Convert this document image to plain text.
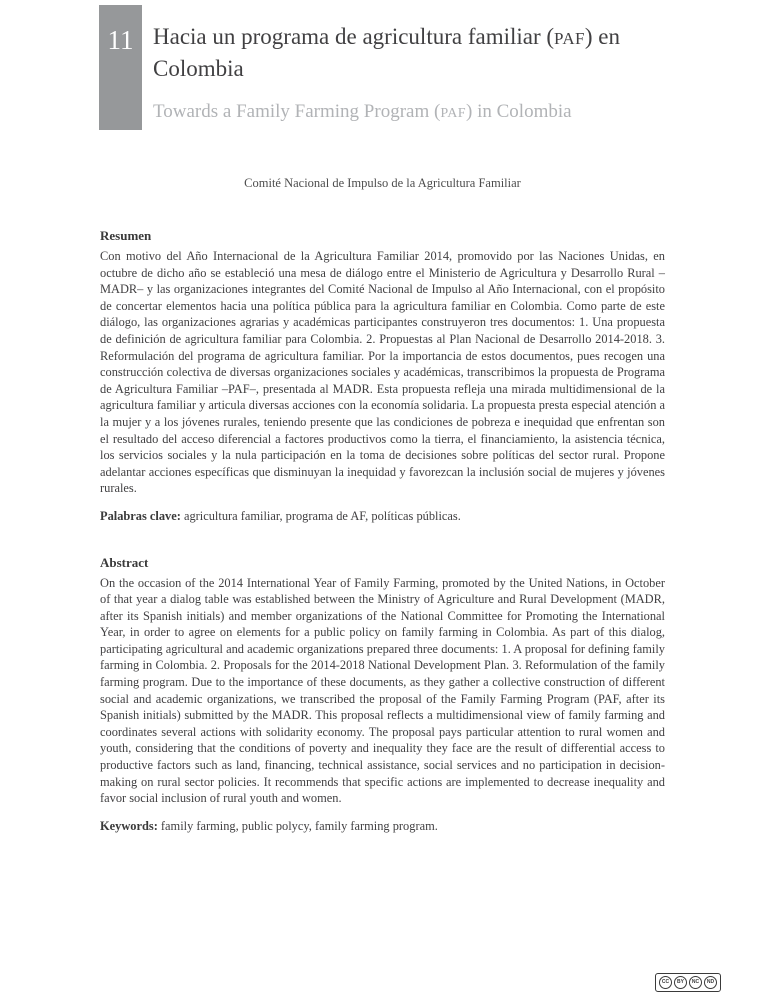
11 Hacia un programa de agricultura familiar (PAF) en Colombia
Towards a Family Farming Program (PAF) in Colombia

Comité Nacional de Impulso de la Agricultura Familiar

Resumen

Con motivo del Año Internacional de la Agricultura Familiar 2014, promovido por las Naciones Unidas, en octubre de dicho año se estableció una mesa de diálogo entre el Ministerio de Agricultura y Desarrollo Rural –MADR– y las organizaciones integrantes del Comité Nacional de Impulso al Año Internacional, con el propósito de concertar elementos hacia una política pública para la agricultura familiar en Colombia. Como parte de este diálogo, las organizaciones agrarias y académicas participantes construyeron tres documentos: 1. Una propuesta de definición de agricultura familiar para Colombia. 2. Propuestas al Plan Nacional de Desarrollo 2014-2018. 3. Reformulación del programa de agricultura familiar. Por la importancia de estos documentos, pues recogen una construcción colectiva de diversas organizaciones sociales y académicas, transcribimos la propuesta de Programa de Agricultura Familiar –PAF–, presentada al MADR. Esta propuesta refleja una mirada multidimensional de la agricultura familiar y articula diversas acciones con la economía solidaria. La propuesta presta especial atención a la mujer y a los jóvenes rurales, teniendo presente que las condiciones de pobreza e inequidad que enfrentan son el resultado del acceso diferencial a factores productivos como la tierra, el financiamiento, la asistencia técnica, los servicios sociales y la nula participación en la toma de decisiones sobre políticas del sector rural. Propone adelantar acciones específicas que disminuyan la inequidad y favorezcan la inclusión social de mujeres y jóvenes rurales.

Palabras clave: agricultura familiar, programa de AF, políticas públicas.

Abstract

On the occasion of the 2014 International Year of Family Farming, promoted by the United Nations, in October of that year a dialog table was established between the Ministry of Agriculture and Rural Development (MADR, after its Spanish initials) and member organizations of the National Committee for Promoting the International Year, in order to agree on elements for a public policy on family farming in Colombia. As part of this dialog, participating agricultural and academic organizations prepared three documents: 1. A proposal for defining family farming in Colombia. 2. Proposals for the 2014-2018 National Development Plan. 3. Reformulation of the family farming program. Due to the importance of these documents, as they gather a collective construction of different social and academic organizations, we transcribed the proposal of the Family Farming Program (PAF, after its Spanish initials) submitted by the MADR. This proposal reflects a multidimensional view of family farming and coordinates several actions with solidarity economy. The proposal pays particular attention to rural women and youth, considering that the conditions of poverty and inequality they face are the result of differential access to productive factors such as land, financing, technical assistance, social services and no participation in decision-making on rural sector policies. It recommends that specific actions are implemented to decrease inequality and favor social inclusion of rural youth and women.

Keywords: family farming, public polycy, family farming program.

CC	BY	NC	ND
